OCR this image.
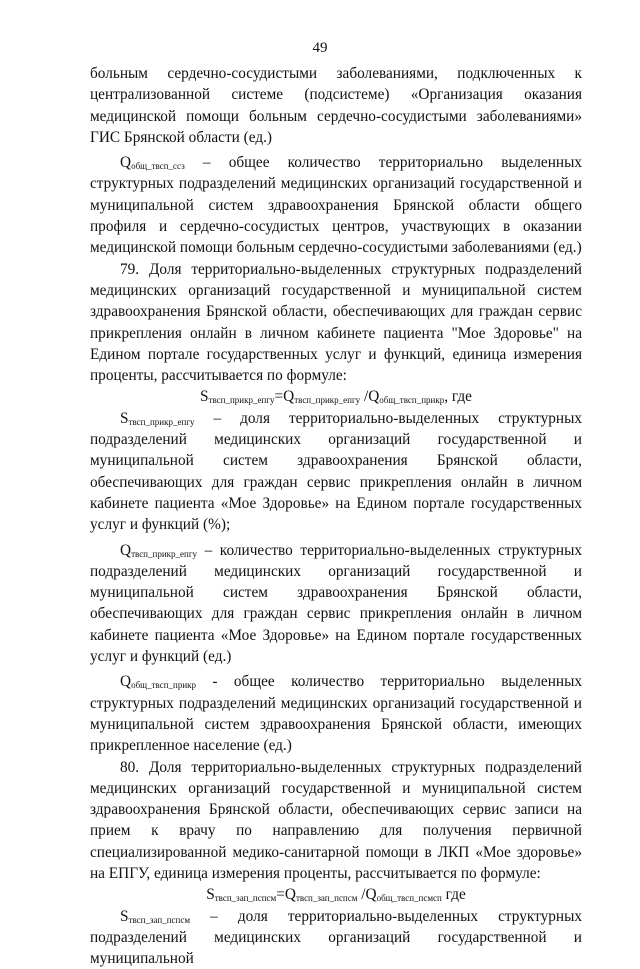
49

больным сердечно-сосудистыми заболеваниями, подключенных к централизованной системе (подсистеме) «Организация оказания медицинской помощи больным сердечно-сосудистыми заболеваниями» ГИС Брянской области (ед.)

$Q_{общ\_твсп\_ссз}$ – общее количество территориально выделенных структурных подразделений медицинских организаций государственной и муниципальной систем здравоохранения Брянской области общего профиля и сердечно-сосудистых центров, участвующих в оказании медицинской помощи больным сердечно-сосудистыми заболеваниями (ед.)

79. Доля территориально-выделенных структурных подразделений медицинских организаций государственной и муниципальной систем здравоохранения Брянской области, обеспечивающих для граждан сервис прикрепления онлайн в личном кабинете пациента "Мое Здоровье" на Едином портале государственных услуг и функций, единица измерения проценты, рассчитывается по формуле:

$S_{твсп\_прикр\_епгу}=Q_{твсп\_прикр\_епгу}$ $/Q_{общ\_твсп\_прикр}$, где

$S_{твсп\_прикр\_епгу}$ – доля территориально-выделенных структурных подразделений медицинских организаций государственной и муниципальной систем здравоохранения Брянской области, обеспечивающих для граждан сервис прикрепления онлайн в личном кабинете пациента «Мое Здоровье» на Едином портале государственных услуг и функций (%);

$Q_{твсп\_прикр\_епгу}$ – количество территориально-выделенных структурных подразделений медицинских организаций государственной и муниципальной систем здравоохранения Брянской области, обеспечивающих для граждан сервис прикрепления онлайн в личном кабинете пациента «Мое Здоровье» на Едином портале государственных услуг и функций (ед.)

$Q_{общ\_твсп\_прикр}$ - общее количество территориально выделенных структурных подразделений медицинских организаций государственной и муниципальной систем здравоохранения Брянской области, имеющих прикрепленное население (ед.)

80. Доля территориально-выделенных структурных подразделений медицинских организаций государственной и муниципальной систем здравоохранения Брянской области, обеспечивающих сервис записи на прием к врачу по направлению для получения первичной специализированной медико-санитарной помощи в ЛКП «Мое здоровье» на ЕПГУ, единица измерения проценты, рассчитывается по формуле:

$S_{твсп\_зап\_пспсм}=Q_{твсп\_зап\_пспсм}$ $/Q_{общ\_твсп\_псмсп}$ где

$S_{твсп\_зап\_пспсм}$ – доля территориально-выделенных структурных подразделений медицинских организаций государственной и муниципальной
